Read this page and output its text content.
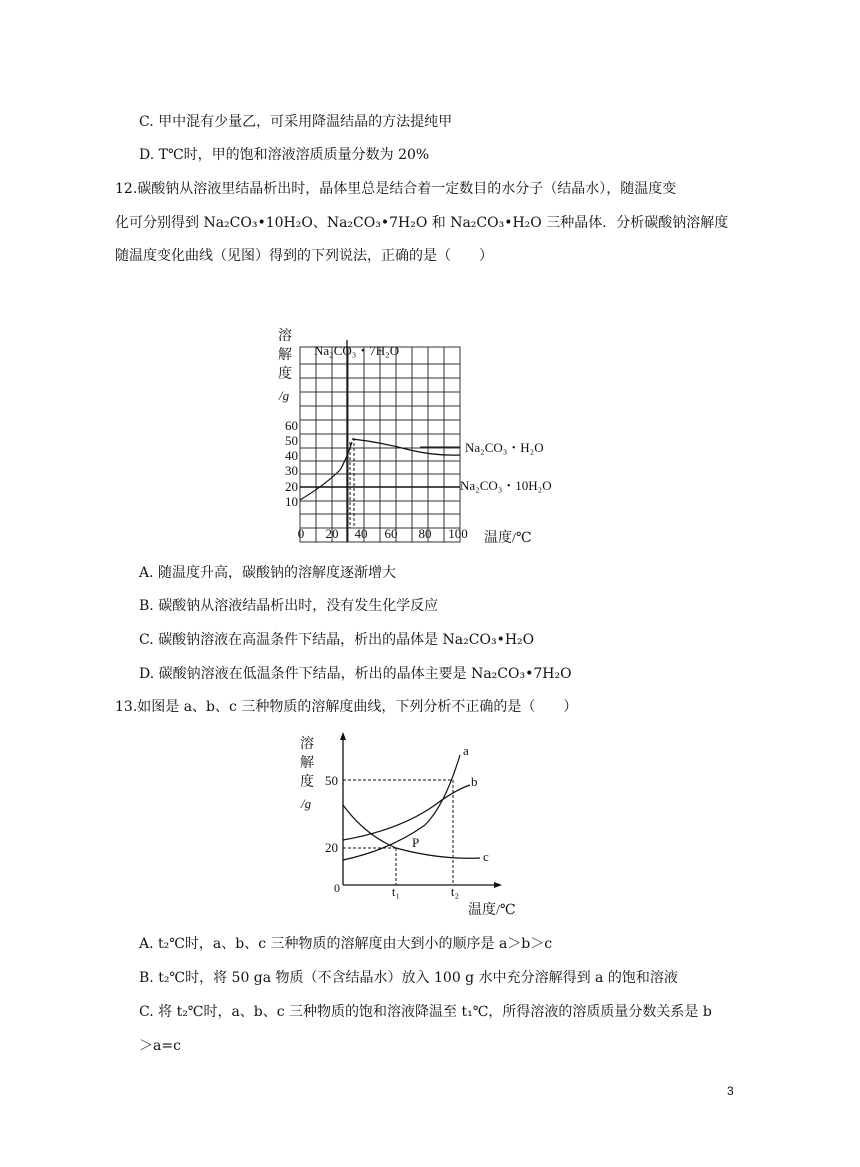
C. 甲中混有少量乙，可采用降温结晶的方法提纯甲
D. T℃时，甲的饱和溶液溶质质量分数为 20%
12.碳酸钠从溶液里结晶析出时，晶体里总是结合着一定数目的水分子（结晶水），随温度变
化可分别得到 Na₂CO₃•10H₂O、Na₂CO₃•7H₂O 和 Na₂CO₃•H₂O 三种晶体．分析碳酸钠溶解度
随温度变化曲线（见图）得到的下列说法，正确的是（　　）
溶
解
度
/g
Na₂CO₃・7H₂O
Na₂CO₃・H₂O
Na₂CO₃・10H₂O
60
50
40
30
20
10
0 20 40 60 80 100 温度/℃
A. 随温度升高，碳酸钠的溶解度逐渐增大
B. 碳酸钠从溶液结晶析出时，没有发生化学反应
C. 碳酸钠溶液在高温条件下结晶，析出的晶体是 Na₂CO₃•H₂O
D. 碳酸钠溶液在低温条件下结晶，析出的晶体主要是 Na₂CO₃•7H₂O
13.如图是 a、b、c 三种物质的溶解度曲线，下列分析不正确的是（　　）
溶
解
度
/g
a
b
c
P
50
20
0	t₁	t₂
温度/℃
A. t₂℃时，a、b、c 三种物质的溶解度由大到小的顺序是 a＞b＞c
B. t₂℃时，将 50 ga 物质（不含结晶水）放入 100 g 水中充分溶解得到 a 的饱和溶液
C. 将 t₂℃时，a、b、c 三种物质的饱和溶液降温至 t₁℃，所得溶液的溶质质量分数关系是 b
＞a=c
3
